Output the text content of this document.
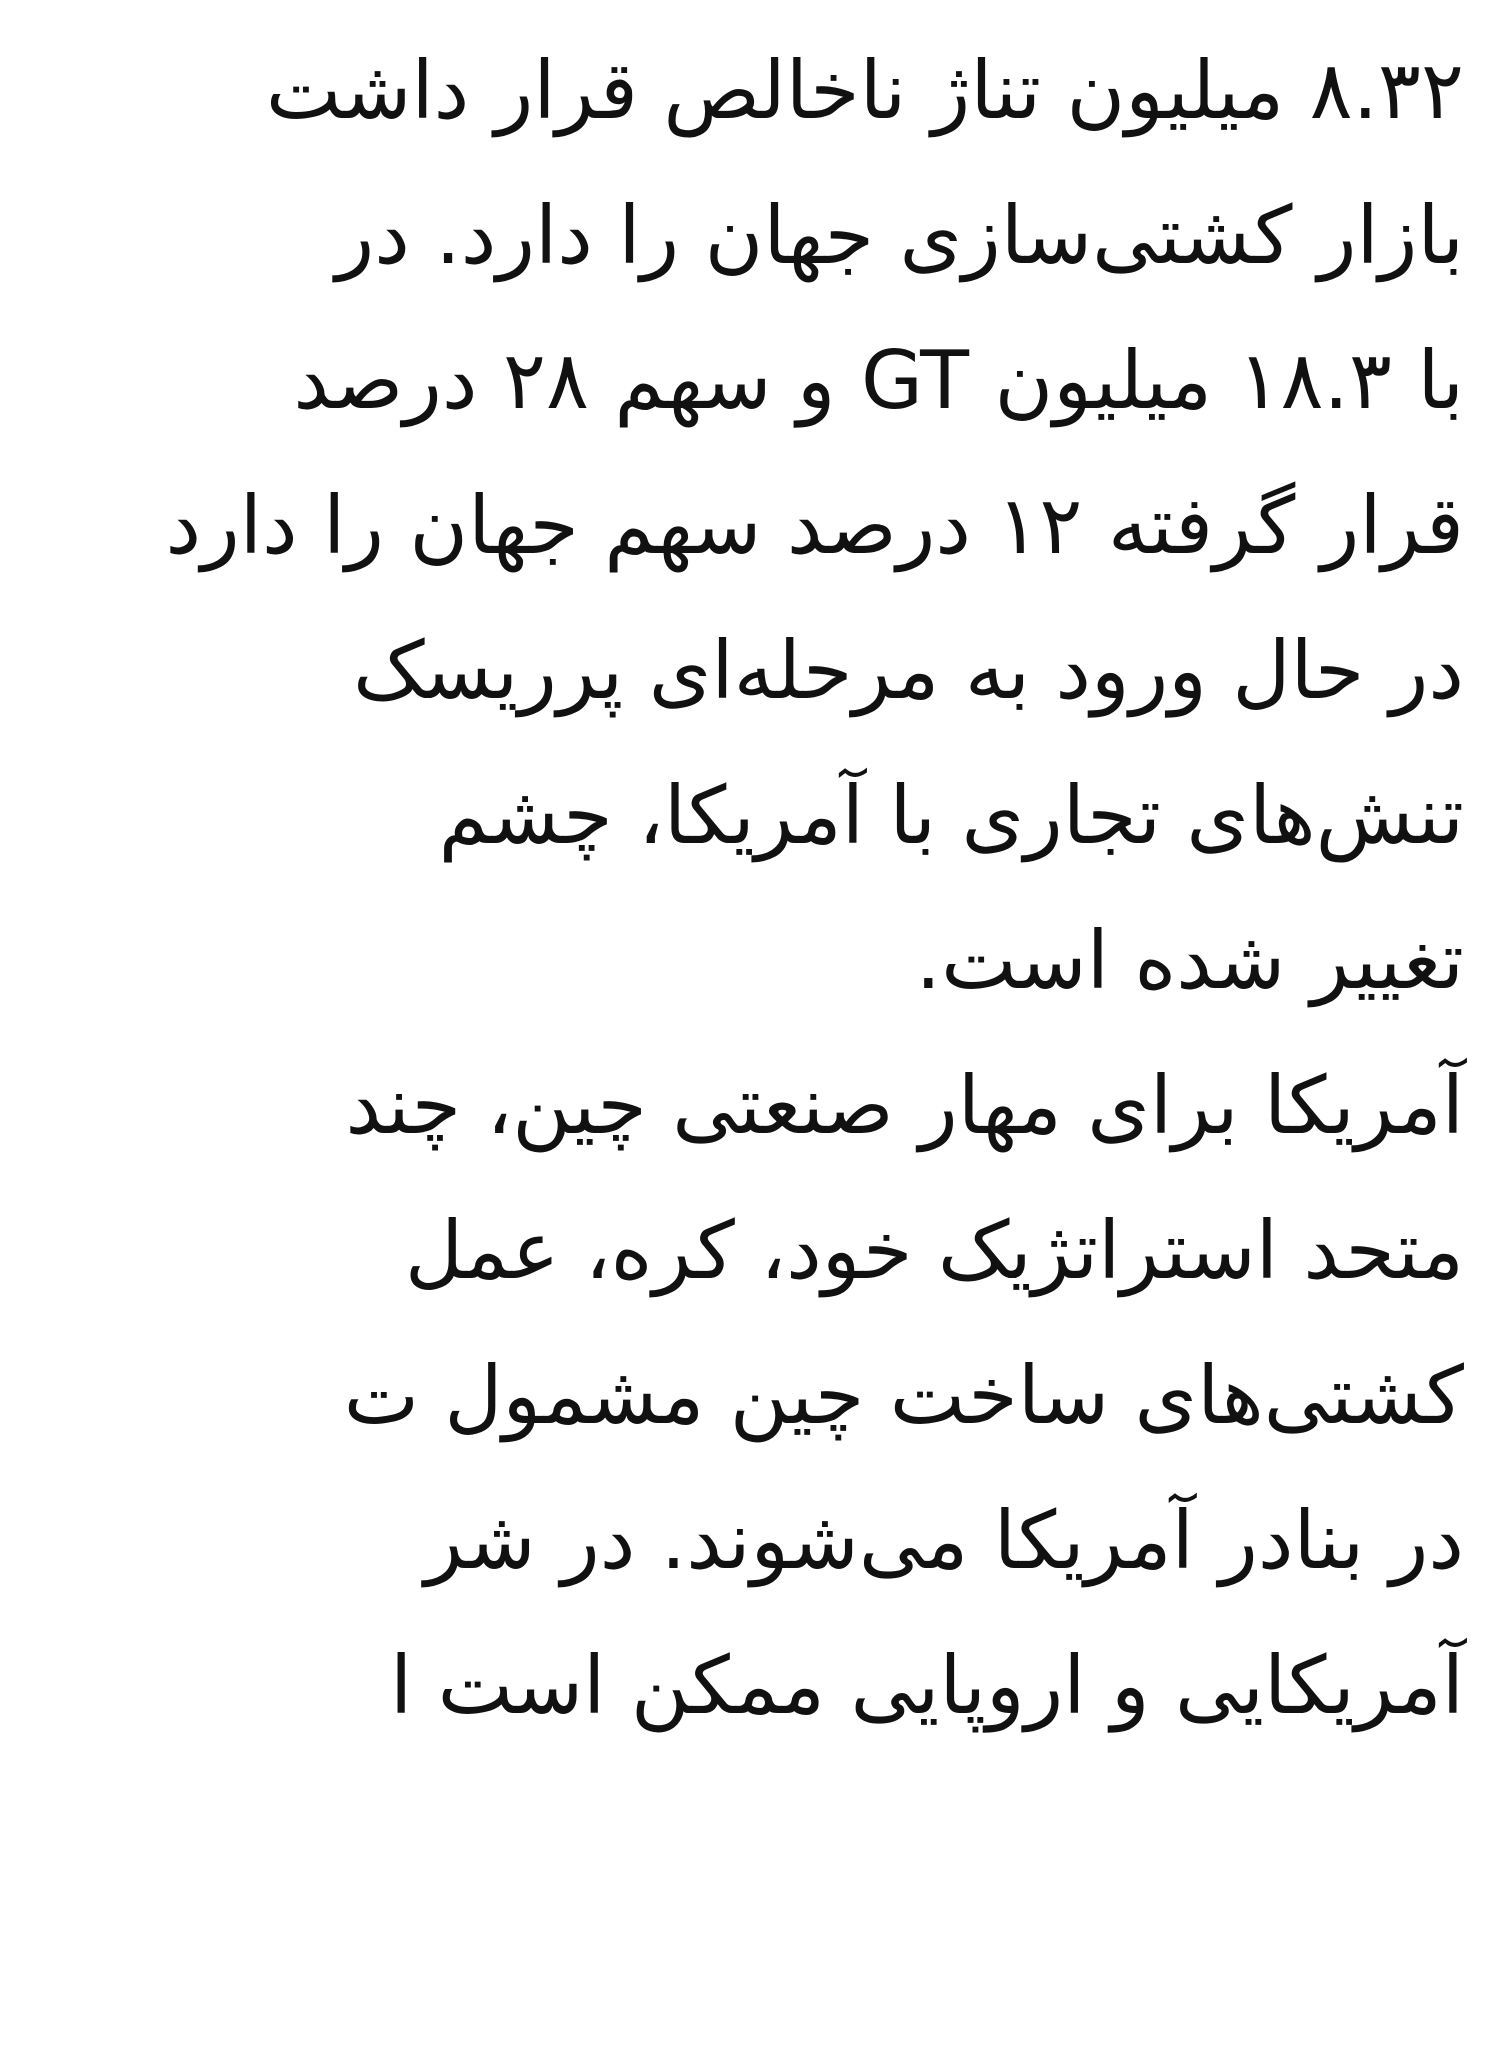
۸.۳۲ میلیون تناژ ناخالص قرار داشت
بازار کشتی‌سازی جهان را دارد. در
با ۱۸.۳ میلیون GT و سهم ۲۸ درصد
قرار گرفته ۱۲ درصد سهم جهان را دارد
در حال ورود به مرحله‌ای پرریسک
تنش‌های تجاری با آمریکا، چشم
تغییر شده است.
آمریکا برای مهار صنعتی چین، چند
متحد استراتژیک خود، کره، عمل
کشتی‌های ساخت چین مشمول ت
در بنادر آمریکا می‌شوند. در شر
آمریکایی و اروپایی ممکن است ا
